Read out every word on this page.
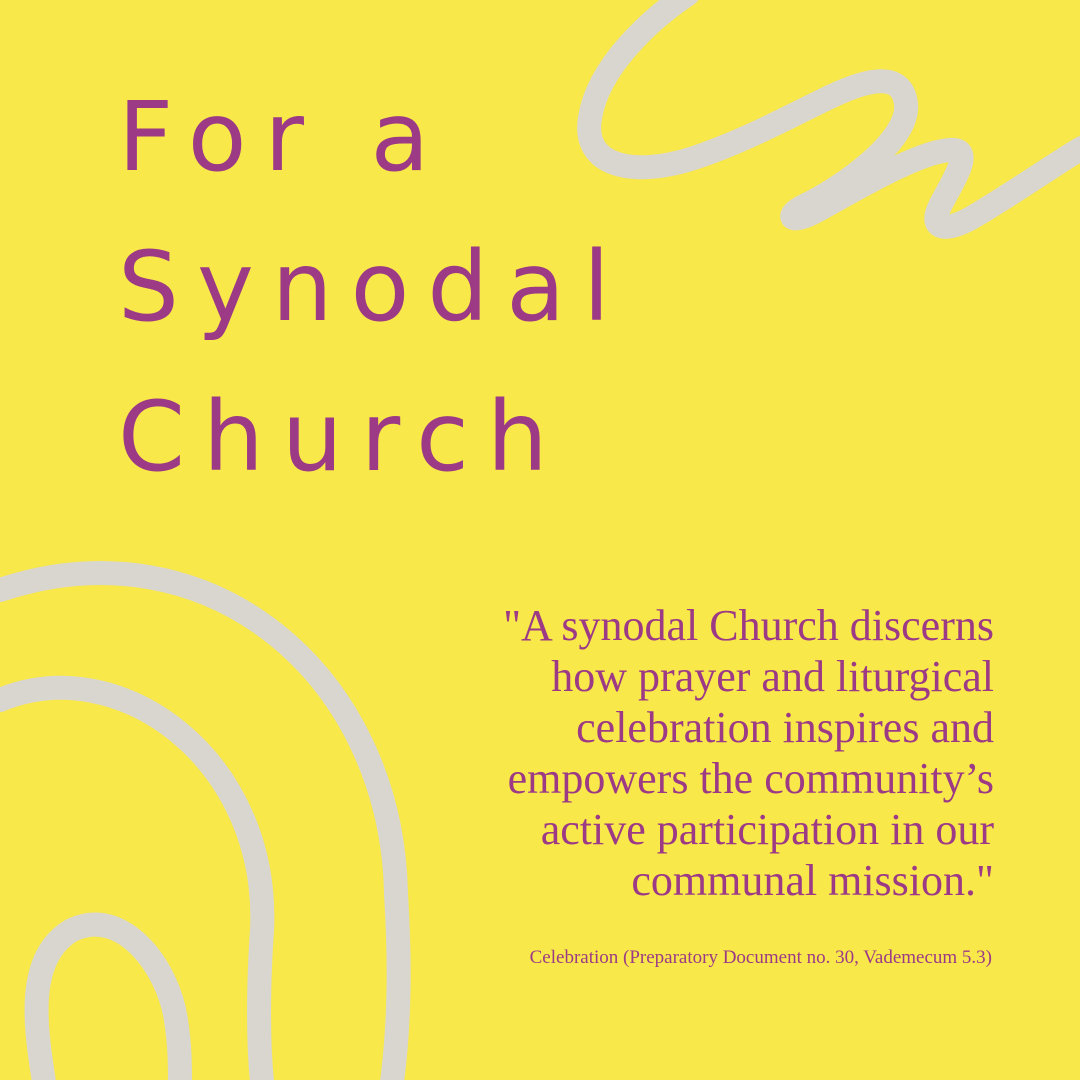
For a
Synodal
Church
"A synodal Church discerns
how prayer and liturgical
celebration inspires and
empowers the community’s
active participation in our
communal mission."

Celebration (Preparatory Document no. 30, Vademecum 5.3)
